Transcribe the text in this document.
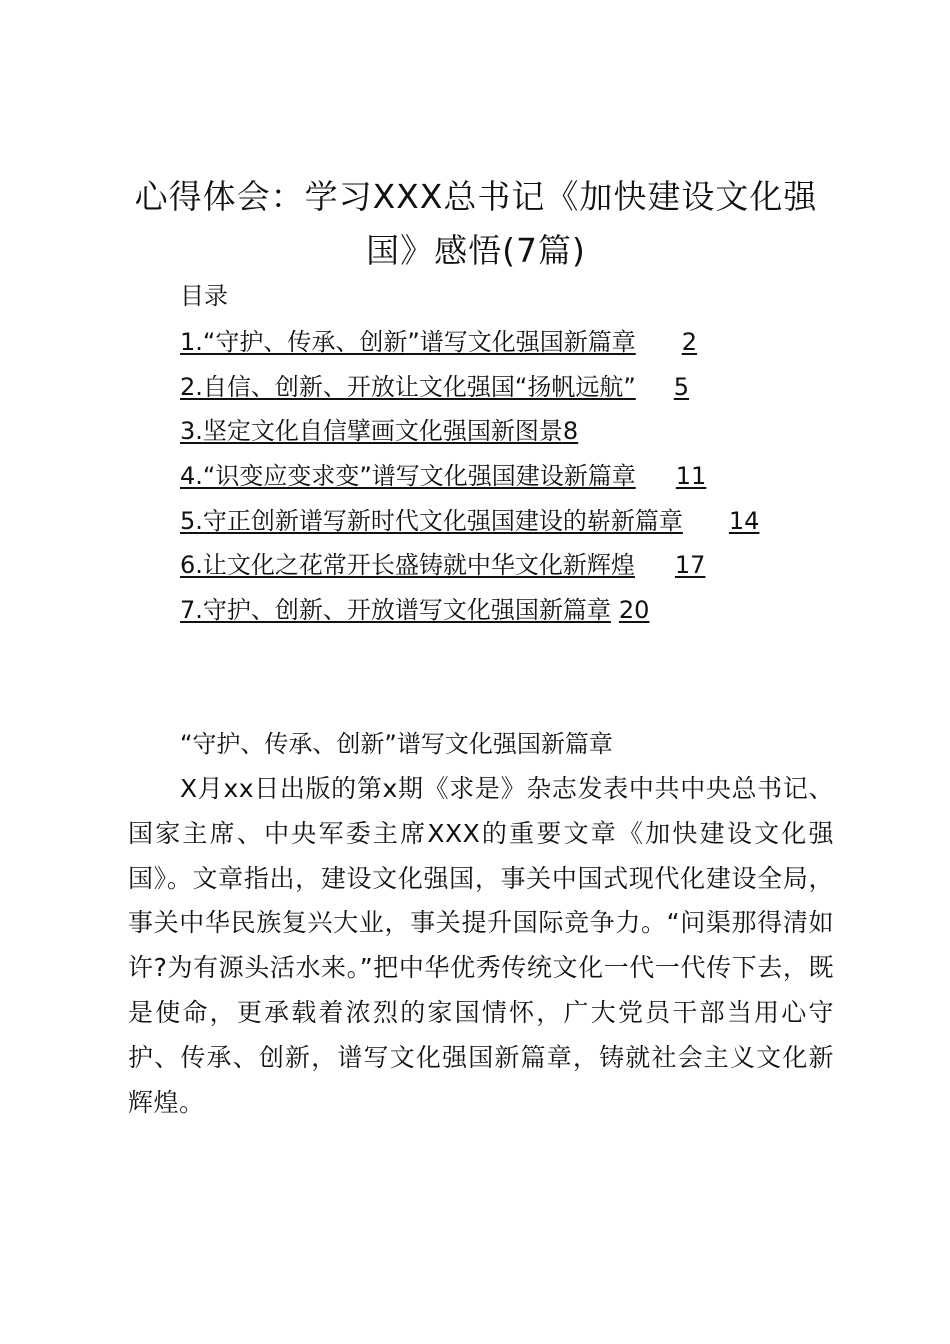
心得体会：学习XXX总书记《加快建设文化强国》感悟(7篇)
目录
1.“守护、传承、创新”谱写文化强国新篇章 2
2.自信、创新、开放让文化强国“扬帆远航” 5
3.坚定文化自信擘画文化强国新图景8
4.“识变应变求变”谱写文化强国建设新篇章 11
5.守正创新谱写新时代文化强国建设的崭新篇章 14
6.让文化之花常开长盛铸就中华文化新辉煌 17
7.守护、创新、开放谱写文化强国新篇章 20
“守护、传承、创新”谱写文化强国新篇章

X月xx日出版的第x期《求是》杂志发表中共中央总书记、国家主席、中央军委主席XXX的重要文章《加快建设文化强国》。文章指出，建设文化强国，事关中国式现代化建设全局，事关中华民族复兴大业，事关提升国际竞争力。“问渠那得清如许?为有源头活水来。”把中华优秀传统文化一代一代传下去，既是使命，更承载着浓烈的家国情怀，广大党员干部当用心守护、传承、创新，谱写文化强国新篇章，铸就社会主义文化新辉煌。
